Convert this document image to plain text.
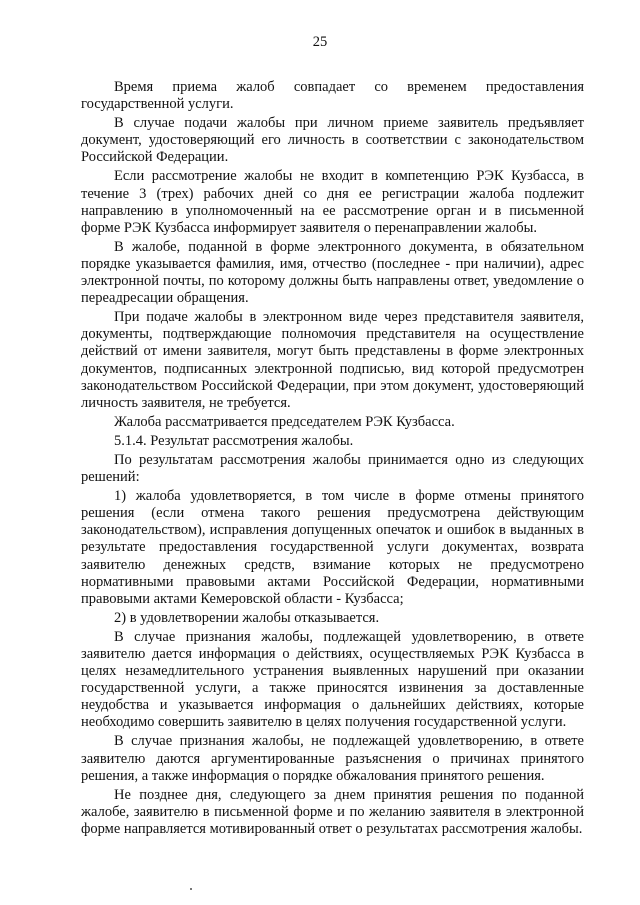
25

Время приема жалоб совпадает со временем предоставления государственной услуги.

В случае подачи жалобы при личном приеме заявитель предъявляет документ, удостоверяющий его личность в соответствии с законодательством Российской Федерации.

Если рассмотрение жалобы не входит в компетенцию РЭК Кузбасса, в течение 3 (трех) рабочих дней со дня ее регистрации жалоба подлежит направлению в уполномоченный на ее рассмотрение орган и в письменной форме РЭК Кузбасса информирует заявителя о перенаправлении жалобы.

В жалобе, поданной в форме электронного документа, в обязательном порядке указывается фамилия, имя, отчество (последнее - при наличии), адрес электронной почты, по которому должны быть направлены ответ, уведомление о переадресации обращения.

При подаче жалобы в электронном виде через представителя заявителя, документы, подтверждающие полномочия представителя на осуществление действий от имени заявителя, могут быть представлены в форме электронных документов, подписанных электронной подписью, вид которой предусмотрен законодательством Российской Федерации, при этом документ, удостоверяющий личность заявителя, не требуется.

Жалоба рассматривается председателем РЭК Кузбасса.

5.1.4. Результат рассмотрения жалобы.

По результатам рассмотрения жалобы принимается одно из следующих решений:

1) жалоба удовлетворяется, в том числе в форме отмены принятого решения (если отмена такого решения предусмотрена действующим законодательством), исправления допущенных опечаток и ошибок в выданных в результате предоставления государственной услуги документах, возврата заявителю денежных средств, взимание которых не предусмотрено нормативными правовыми актами Российской Федерации, нормативными правовыми актами Кемеровской области - Кузбасса;

2) в удовлетворении жалобы отказывается.

В случае признания жалобы, подлежащей удовлетворению, в ответе заявителю дается информация о действиях, осуществляемых РЭК Кузбасса в целях незамедлительного устранения выявленных нарушений при оказании государственной услуги, а также приносятся извинения за доставленные неудобства и указывается информация о дальнейших действиях, которые необходимо совершить заявителю в целях получения государственной услуги.

В случае признания жалобы, не подлежащей удовлетворению, в ответе заявителю даются аргументированные разъяснения о причинах принятого решения, а также информация о порядке обжалования принятого решения.

Не позднее дня, следующего за днем принятия решения по поданной жалобе, заявителю в письменной форме и по желанию заявителя в электронной форме направляется мотивированный ответ о результатах рассмотрения жалобы.
